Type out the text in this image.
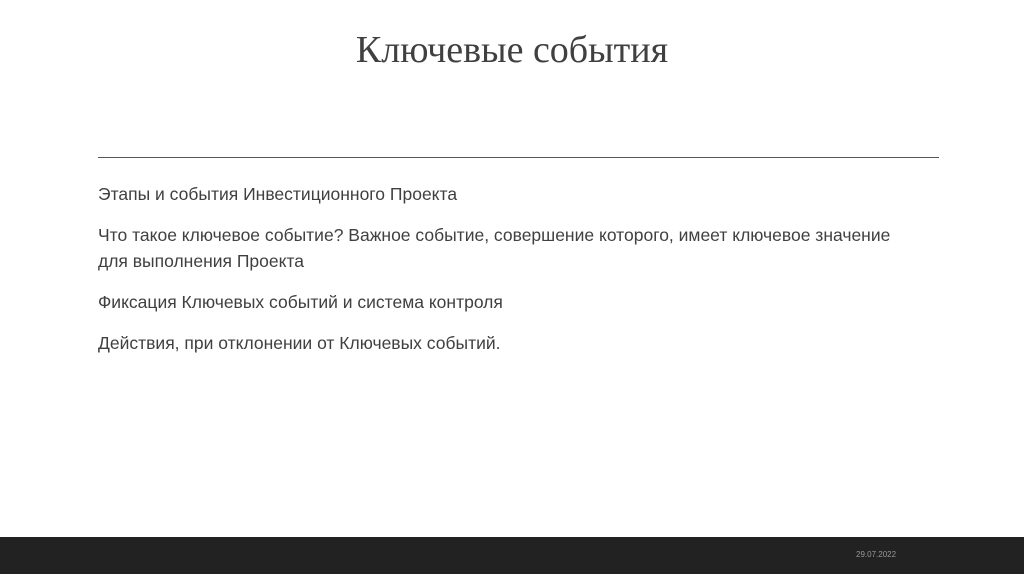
Ключевые события

Этапы и события Инвестиционного Проекта

Что такое ключевое событие? Важное событие, совершение которого, имеет ключевое значение для выполнения Проекта

Фиксация Ключевых событий и система контроля

Действия, при отклонении от Ключевых событий.

29.07.2022
